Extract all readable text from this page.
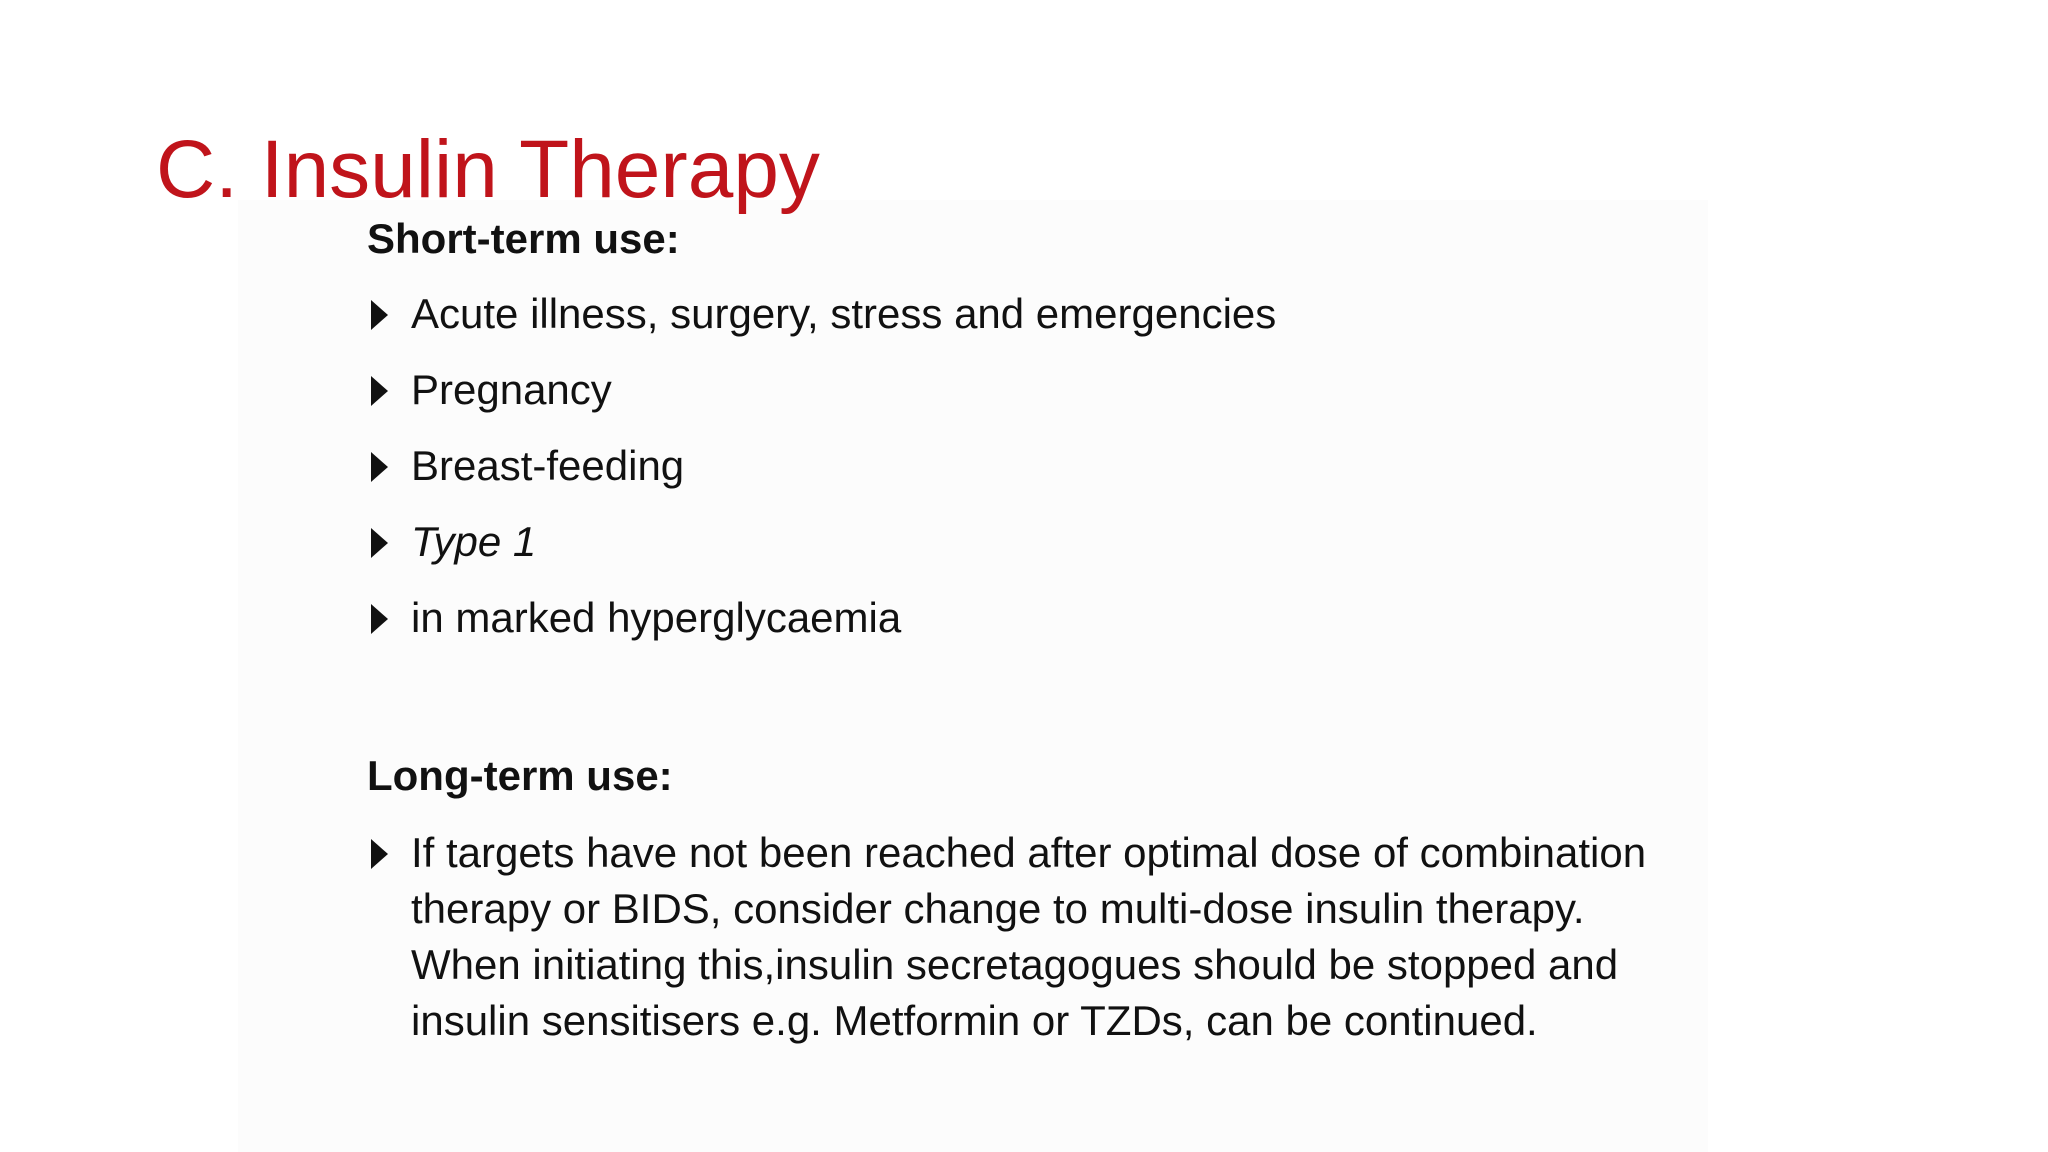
C. Insulin Therapy

Short-term use:

Acute illness, surgery, stress and emergencies
Pregnancy
Breast-feeding
Type 1
in marked hyperglycaemia

Long-term use:

If targets have not been reached after optimal dose of combination therapy or BIDS, consider change to multi-dose insulin therapy. When initiating this,insulin secretagogues should be stopped and insulin sensitisers e.g. Metformin or TZDs, can be continued.
